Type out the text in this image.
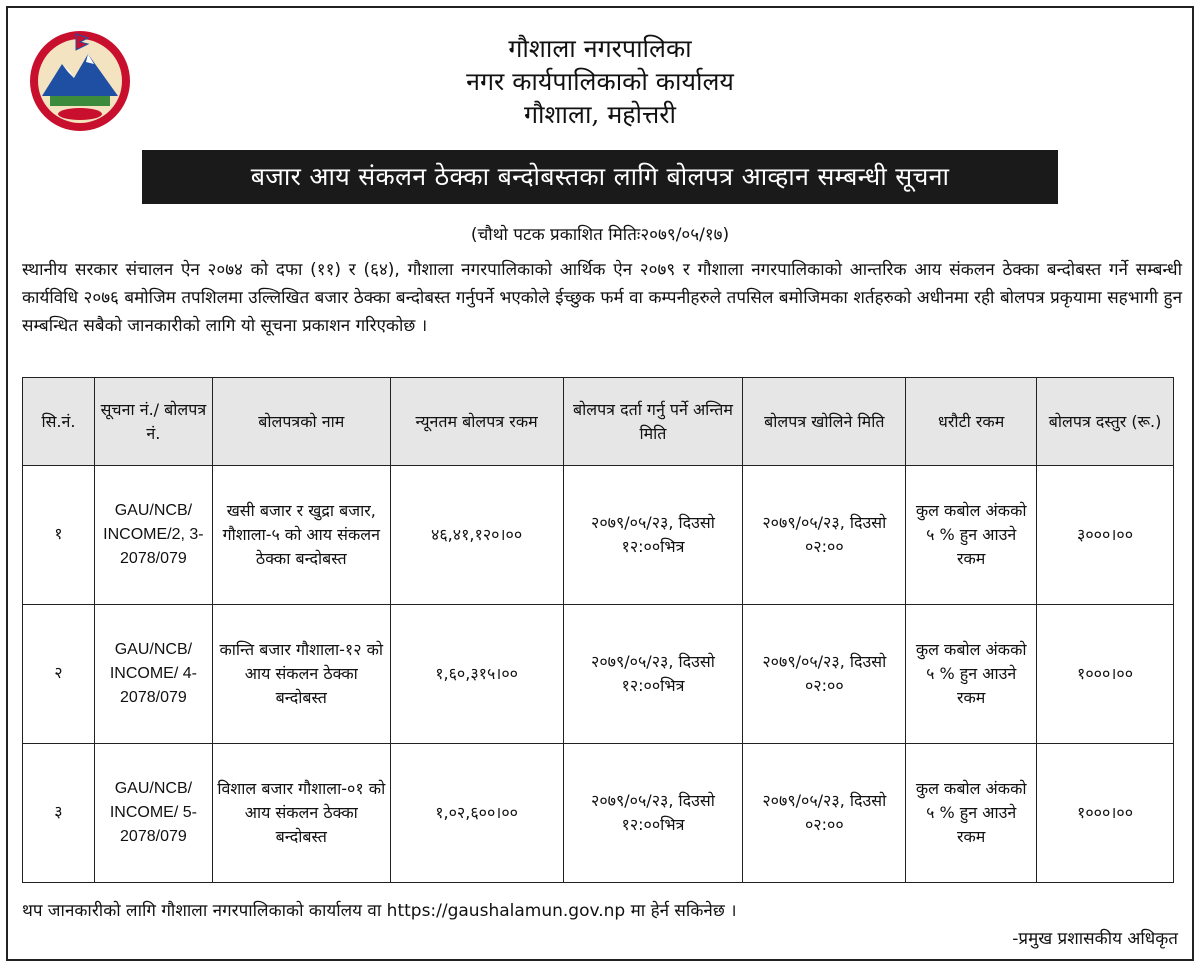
गौशाला नगरपालिका
नगर कार्यपालिकाको कार्यालय
गौशाला, महोत्तरी
बजार आय संकलन ठेक्का बन्दोबस्तका लागि बोलपत्र आव्हान सम्बन्धी सूचना
(चौथो पटक प्रकाशित मितिः२०७९/०५/१७)
स्थानीय सरकार संचालन ऐन २०७४ को दफा (११) र (६४), गौशाला नगरपालिकाको आर्थिक ऐन २०७९ र गौशाला नगरपालिकाको आन्तरिक आय संकलन ठेक्का बन्दोबस्त गर्ने सम्बन्धी कार्यविधि २०७६ बमोजिम तपशिलमा उल्लिखित बजार ठेक्का बन्दोबस्त गर्नुपर्ने भएकोले ईच्छुक फर्म वा कम्पनीहरुले तपसिल बमोजिमका शर्तहरुको अधीनमा रही बोलपत्र प्रकृयामा सहभागी हुन सम्बन्धित सबैको जानकारीको लागि यो सूचना प्रकाशन गरिएकोछ ।
सि.नं.	सूचना नं./ बोलपत्र नं.	बोलपत्रको नाम	न्यूनतम बोलपत्र रकम	बोलपत्र दर्ता गर्नु पर्ने अन्तिम मिति	बोलपत्र खोलिने मिति	धरौटी रकम	बोलपत्र दस्तुर (रू.)
१	GAU/NCB/ INCOME/2, 3-2078/079	खसी बजार र खुद्रा बजार, गौशाला-५ को आय संकलन ठेक्का बन्दोबस्त	४६,४१,१२०।००	२०७९/०५/२३, दिउसो १२:००भित्र	२०७९/०५/२३, दिउसो ०२:००	कुल कबोल अंकको ५ % हुन आउने रकम	३०००।००
२	GAU/NCB/ INCOME/ 4-2078/079	कान्ति बजार गौशाला-१२ को आय संकलन ठेक्का बन्दोबस्त	१,६०,३१५।००	२०७९/०५/२३, दिउसो १२:००भित्र	२०७९/०५/२३, दिउसो ०२:००	कुल कबोल अंकको ५ % हुन आउने रकम	१०००।००
३	GAU/NCB/ INCOME/ 5-2078/079	विशाल बजार गौशाला-०१ को आय संकलन ठेक्का बन्दोबस्त	१,०२,६००।००	२०७९/०५/२३, दिउसो १२:००भित्र	२०७९/०५/२३, दिउसो ०२:००	कुल कबोल अंकको ५ % हुन आउने रकम	१०००।००
थप जानकारीको लागि गौशाला नगरपालिकाको कार्यालय वा https://gaushalamun.gov.np मा हेर्न सकिनेछ ।
-प्रमुख प्रशासकीय अधिकृत
